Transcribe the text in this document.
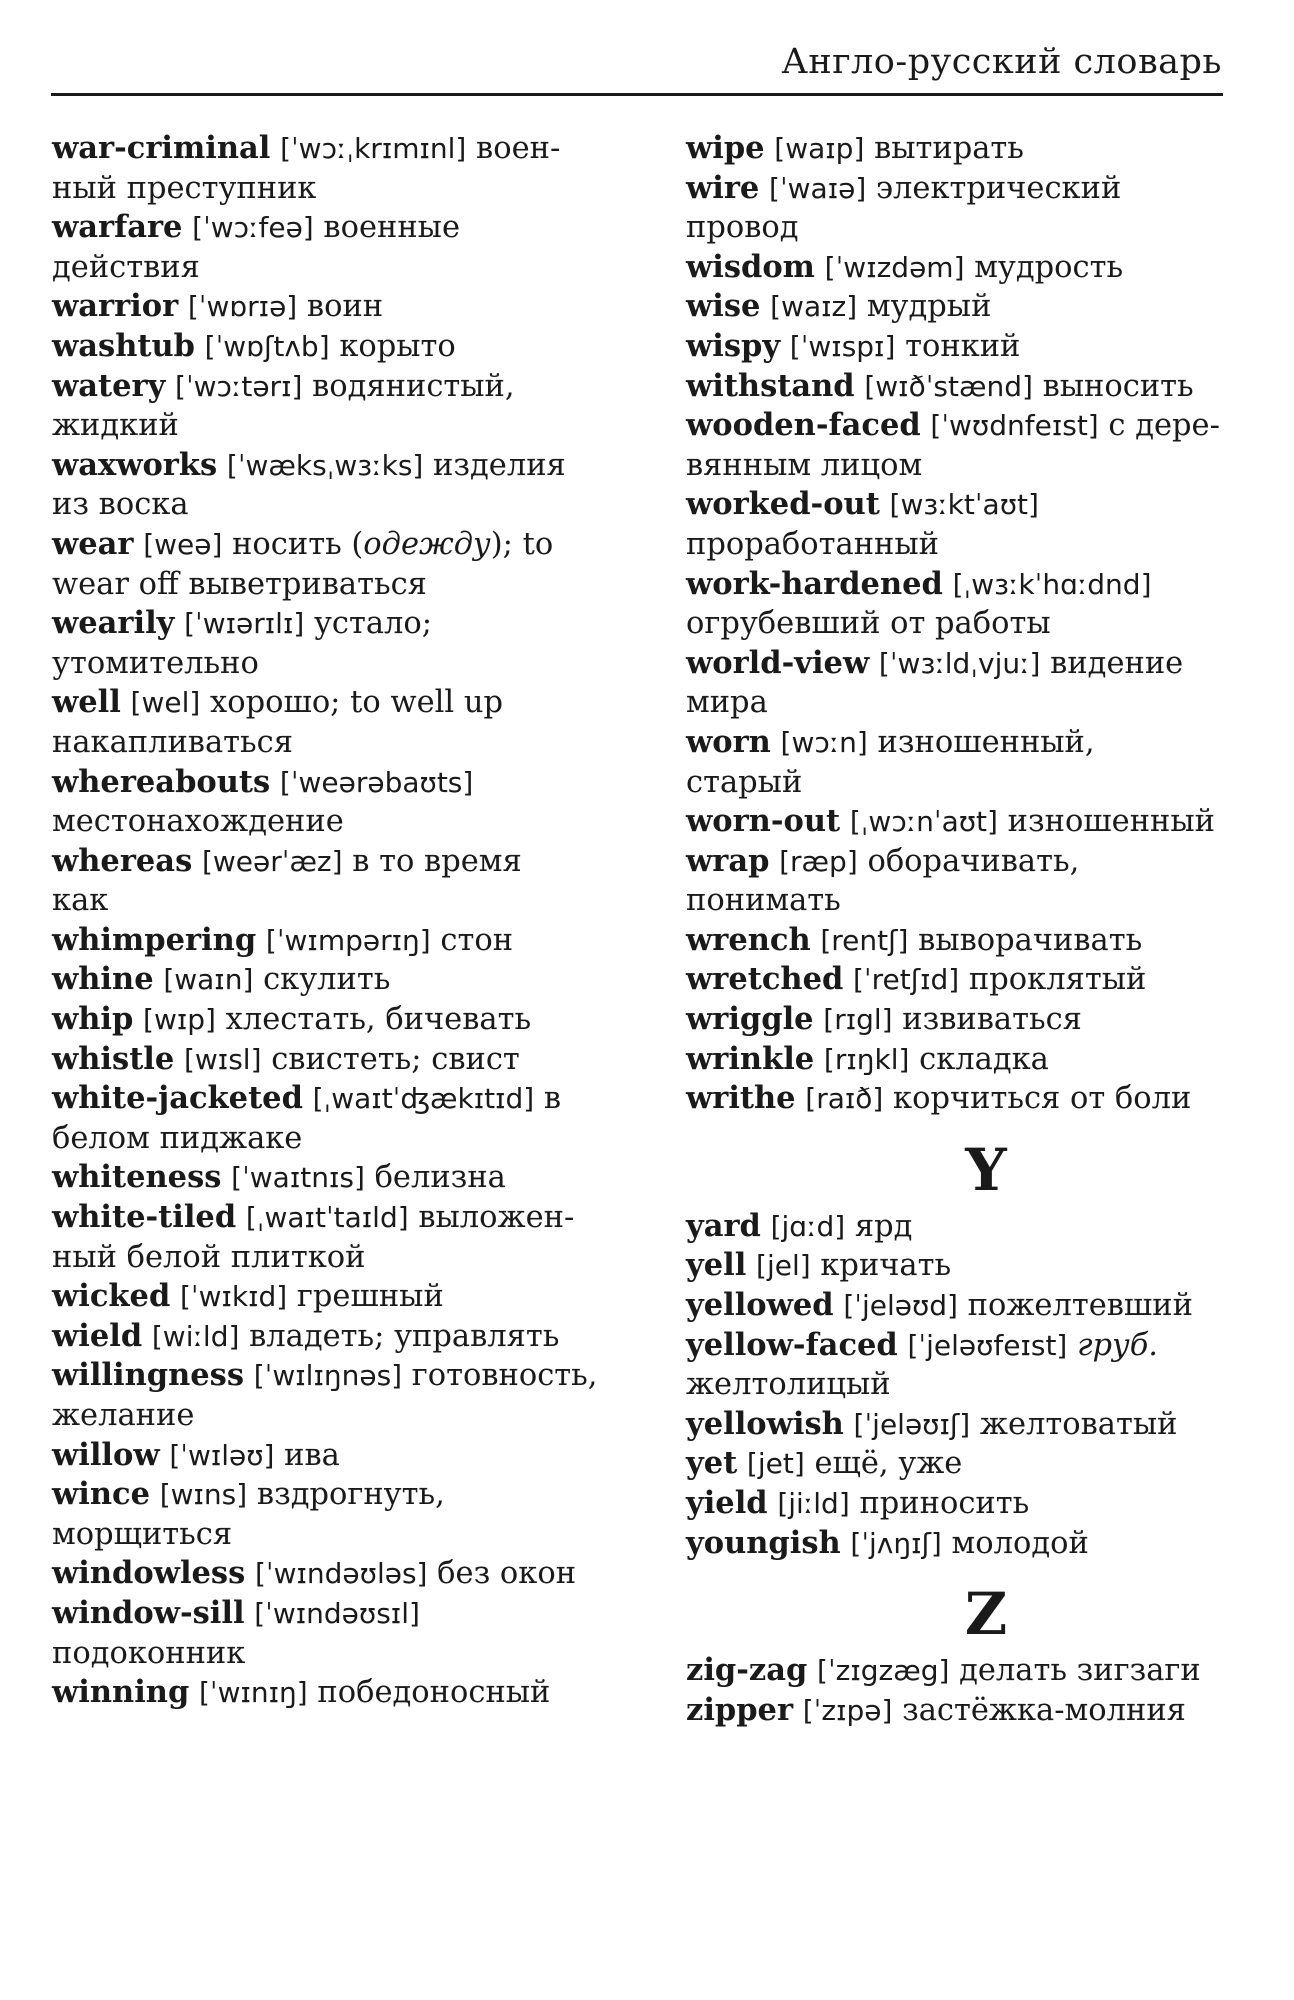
Англо-русский словарь
war-criminal [ˈwɔːˌkrɪmɪnl] воен-
ный преступник
warfare [ˈwɔːfeə] военные
действия
warrior [ˈwɒrɪə] воин
washtub [ˈwɒʃtʌb] корыто
watery [ˈwɔːtərɪ] водянистый,
жидкий
waxworks [ˈwæksˌwɜːks] изделия
из воска
wear [weə] носить (одежду); to
wear off выветриваться
wearily [ˈwɪərɪlɪ] устало;
утомительно
well [wel] хорошо; to well up
накапливаться
whereabouts [ˈweərəbaʊts]
местонахождение
whereas [weərˈæz] в то время
как
whimpering [ˈwɪmpərɪŋ] стон
whine [waɪn] скулить
whip [wɪp] хлестать, бичевать
whistle [wɪsl] свистеть; свист
white-jacketed [ˌwaɪtˈʤækɪtɪd] в
белом пиджаке
whiteness [ˈwaɪtnɪs] белизна
white-tiled [ˌwaɪtˈtaɪld] выложен-
ный белой плиткой
wicked [ˈwɪkɪd] грешный
wield [wiːld] владеть; управлять
willingness [ˈwɪlɪŋnəs] готовность,
желание
willow [ˈwɪləʊ] ива
wince [wɪns] вздрогнуть,
морщиться
windowless [ˈwɪndəʊləs] без окон
window-sill [ˈwɪndəʊsɪl]
подоконник
winning [ˈwɪnɪŋ] победоносный
wipe [waɪp] вытирать
wire [ˈwaɪə] электрический
провод
wisdom [ˈwɪzdəm] мудрость
wise [waɪz] мудрый
wispy [ˈwɪspɪ] тонкий
withstand [wɪðˈstænd] выносить
wooden-faced [ˈwʊdnfeɪst] с дере-
вянным лицом
worked-out [wɜːktˈaʊt]
проработанный
work-hardened [ˌwɜːkˈhɑːdnd]
огрубевший от работы
world-view [ˈwɜːldˌvjuː] видение
мира
worn [wɔːn] изношенный,
старый
worn-out [ˌwɔːnˈaʊt] изношенный
wrap [ræp] оборачивать,
понимать
wrench [rentʃ] выворачивать
wretched [ˈretʃɪd] проклятый
wriggle [rɪgl] извиваться
wrinkle [rɪŋkl] складка
writhe [raɪð] корчиться от боли
Y
yard [jɑːd] ярд
yell [jel] кричать
yellowed [ˈjeləʊd] пожелтевший
yellow-faced [ˈjeləʊfeɪst] груб.
желтолицый
yellowish [ˈjeləʊɪʃ] желтоватый
yet [jet] ещё, уже
yield [jiːld] приносить
youngish [ˈjʌŋɪʃ] молодой
Z
zig-zag [ˈzɪgzæg] делать зигзаги
zipper [ˈzɪpə] застёжка-молния
